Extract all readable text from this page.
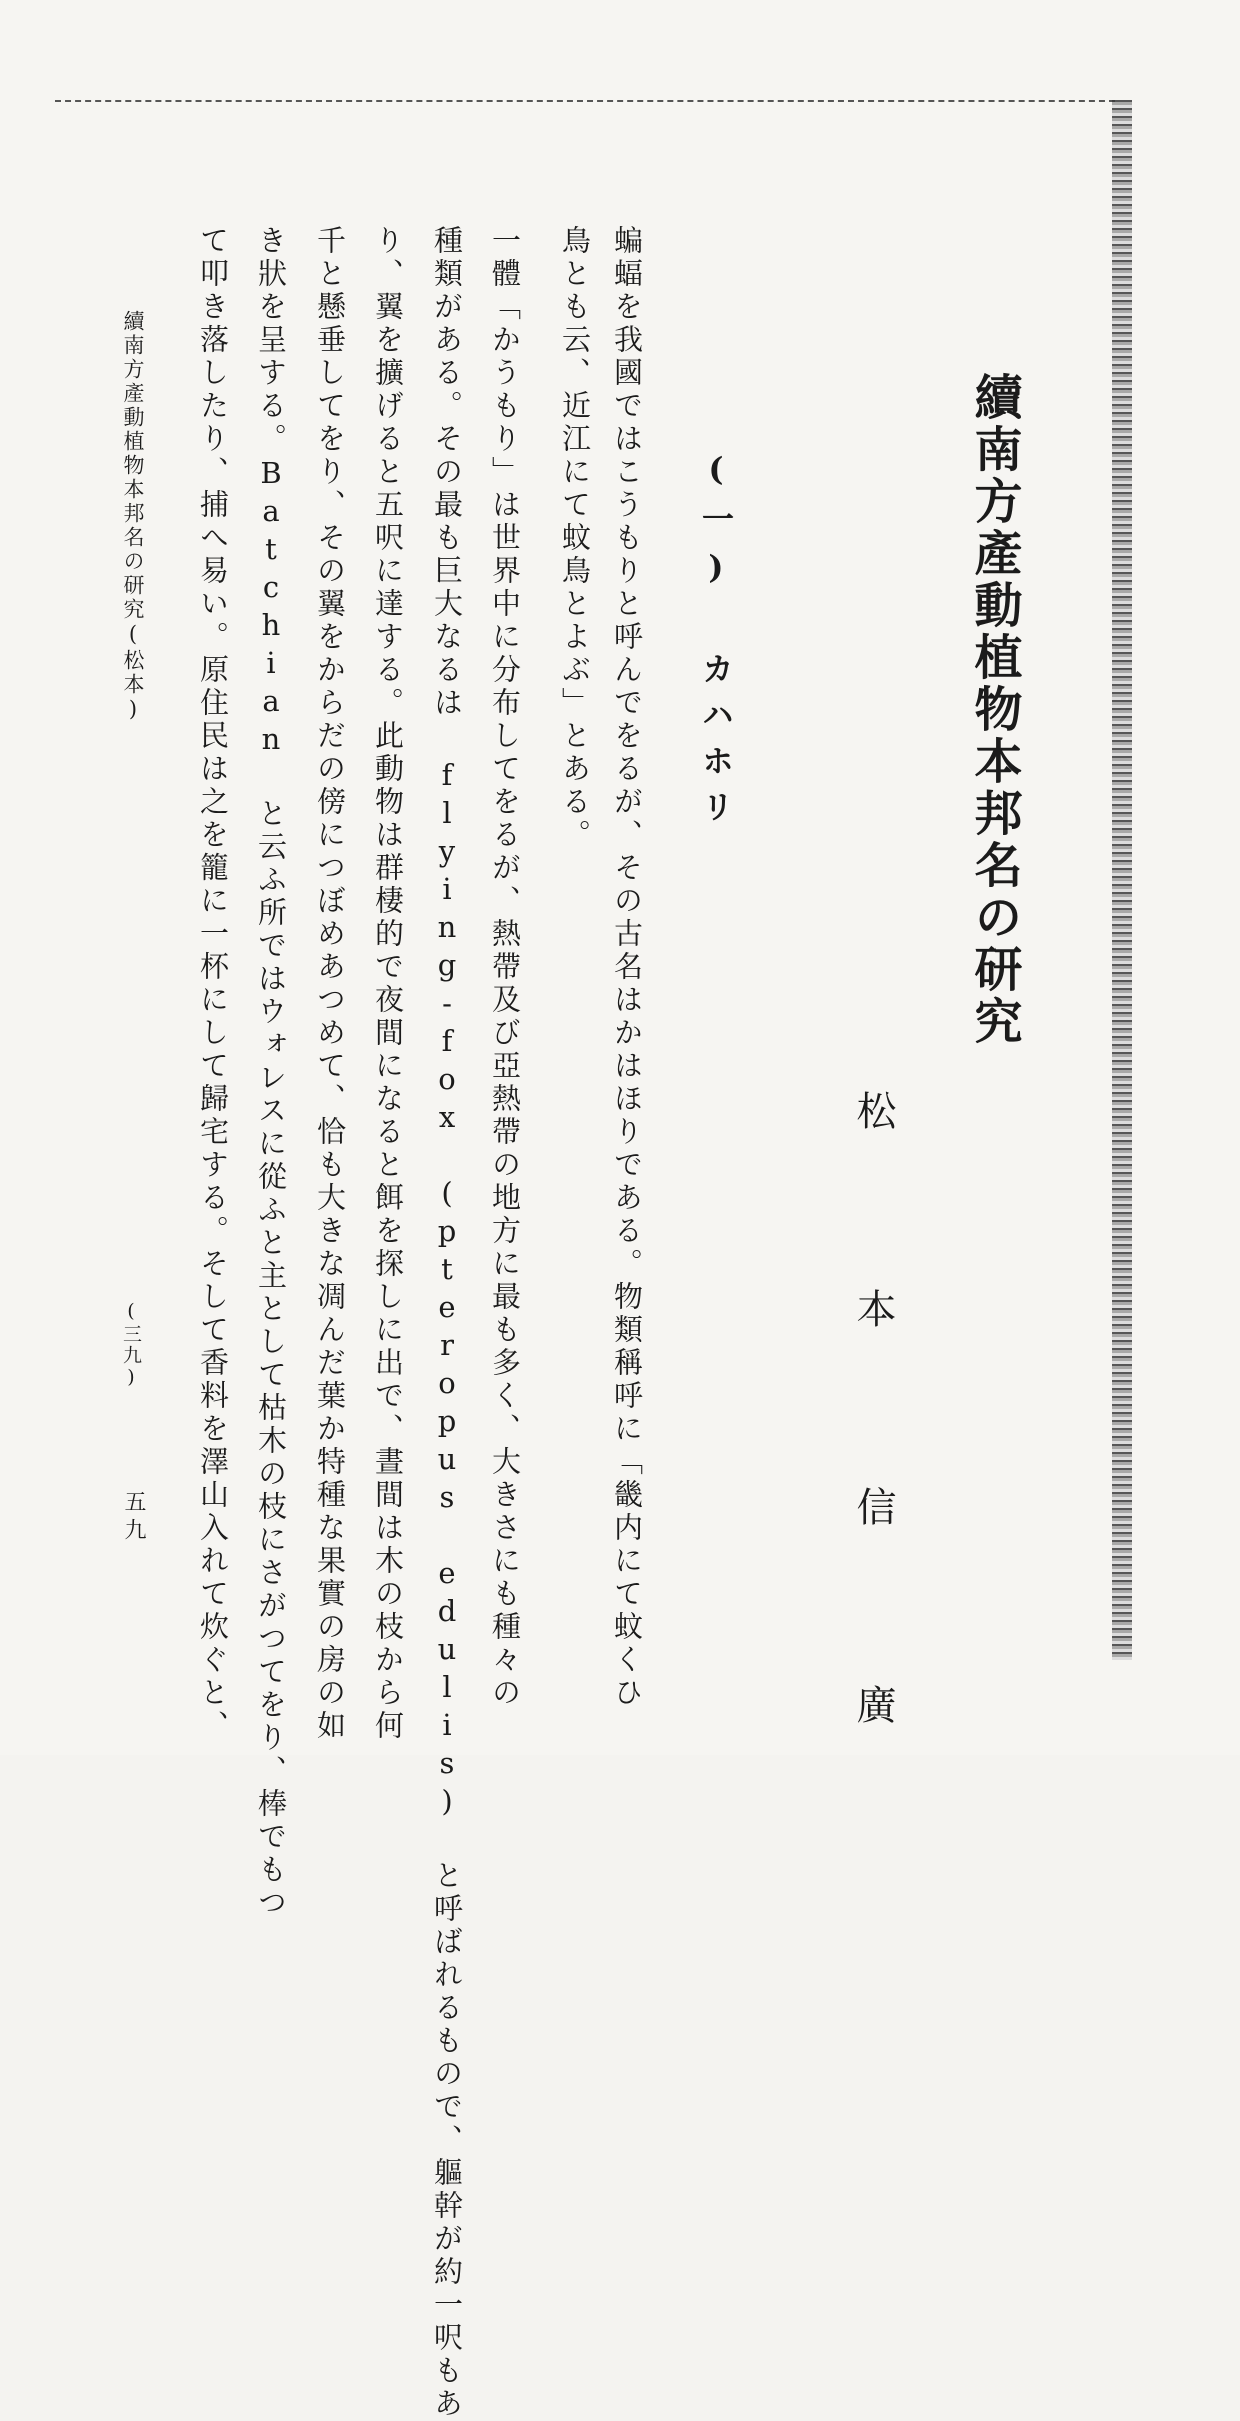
續南方產動植物本邦名の研究
松 本 信 廣
(一) カハホリ
蝙蝠を我國ではこうもりと呼んでをるが、その古名はかはほりである。物類稱呼に「畿内にて蚊くひ
鳥とも云、近江にて蚊鳥とよぶ」とある。
一體「かうもり」は世界中に分布してをるが、熱帶及び亞熱帶の地方に最も多く、大きさにも種々の
種類がある。その最も巨大なるは flying-fox (pteropus edulis) と呼ばれるもので、軀幹が約一呎もあ
り、翼を擴げると五呎に達する。此動物は群棲的で夜間になると餌を探しに出で、晝間は木の枝から何
千と懸垂してをり、その翼をからだの傍につぼめあつめて、恰も大きな凋んだ葉か特種な果實の房の如
き狀を呈する。Batchian と云ふ所ではウォレスに從ふと主として枯木の枝にさがつてをり、棒でもつ
て叩き落したり、捕へ易い。原住民は之を籠に一杯にして歸宅する。そして香料を澤山入れて炊ぐと、
續南方產動植物本邦名の研究(松本)
(三九)
五九
